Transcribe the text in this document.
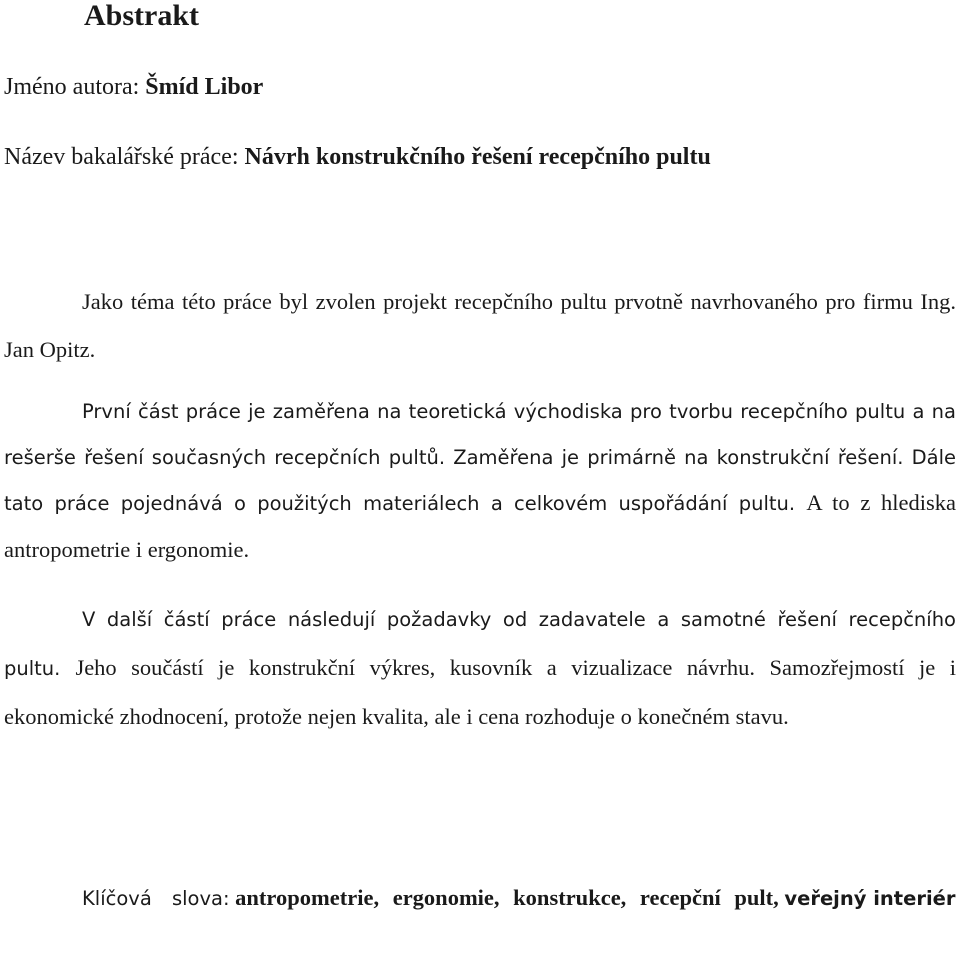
Abstrakt
Jméno autora: Šmíd Libor
Název bakalářské práce: Návrh konstrukčního řešení recepčního pultu

Jako téma této práce byl zvolen projekt recepčního pultu prvotně navrhovaného pro firmu Ing. Jan Opitz.

První část práce je zaměřena na teoretická východiska pro tvorbu recepčního pultu a na rešerše řešení současných recepčních pultů. Zaměřena je primárně na konstrukční řešení. Dále tato práce pojednává o použitých materiálech a celkovém uspořádání pultu. A to z hlediska antropometrie i ergonomie.

V další částí práce následují požadavky od zadavatele a samotné řešení recepčního pultu. Jeho součástí je konstrukční výkres, kusovník a vizualizace návrhu. Samozřejmostí je i ekonomické zhodnocení, protože nejen kvalita, ale i cena rozhoduje o konečném stavu.

Klíčová slova: antropometrie, ergonomie, konstrukce, recepční pult, veřejný interiér
